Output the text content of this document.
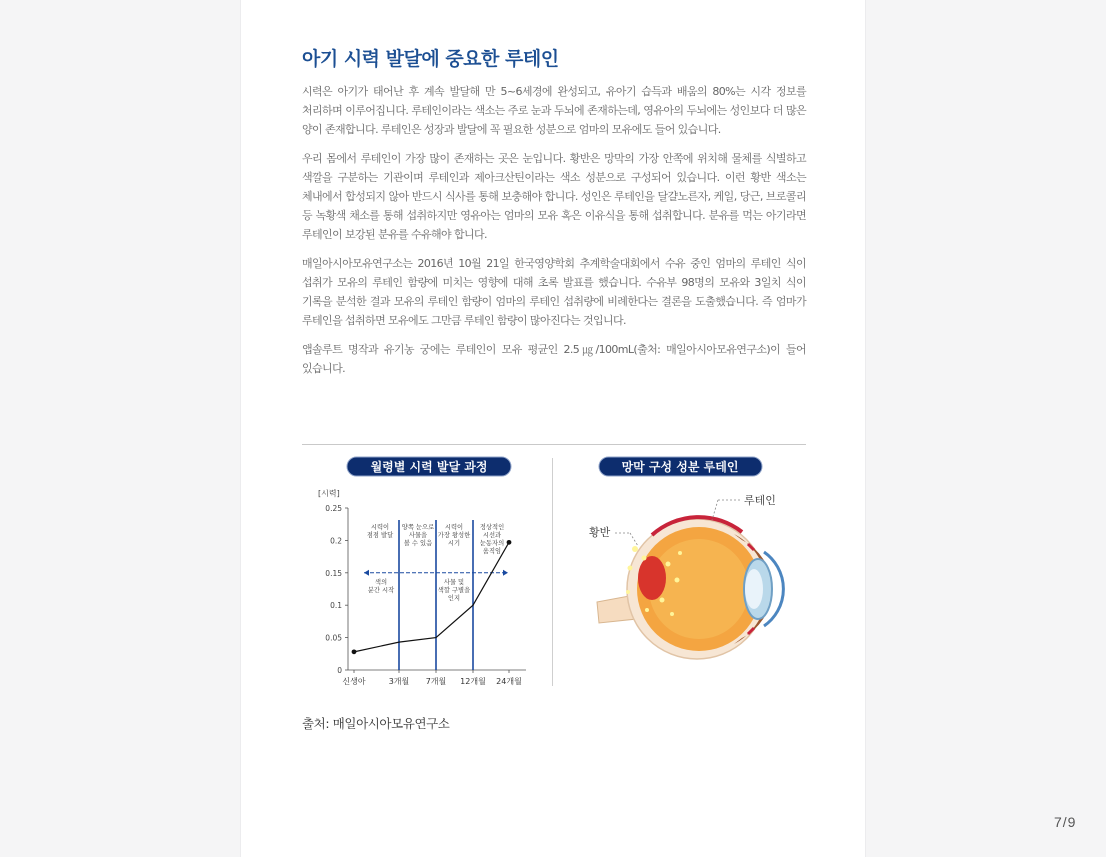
아기 시력 발달에 중요한 루테인

시력은 아기가 태어난 후 계속 발달해 만 5~6세경에 완성되고, 유아기 습득과 배움의 80%는 시각 정보를 처리하며 이루어집니다. 루테인이라는 색소는 주로 눈과 두뇌에 존재하는데, 영유아의 두뇌에는 성인보다 더 많은 양이 존재합니다. 루테인은 성장과 발달에 꼭 필요한 성분으로 엄마의 모유에도 들어 있습니다.

우리 몸에서 루테인이 가장 많이 존재하는 곳은 눈입니다. 황반은 망막의 가장 안쪽에 위치해 물체를 식별하고 색깔을 구분하는 기관이며 루테인과 제아크산틴이라는 색소 성분으로 구성되어 있습니다. 이런 황반 색소는 체내에서 합성되지 않아 반드시 식사를 통해 보충해야 합니다. 성인은 루테인을 달걀노른자, 케일, 당근, 브로콜리 등 녹황색 채소를 통해 섭취하지만 영유아는 엄마의 모유 혹은 이유식을 통해 섭취합니다. 분유를 먹는 아기라면 루테인이 보강된 분유를 수유해야 합니다.

매일아시아모유연구소는 2016년 10월 21일 한국영양학회 추계학술대회에서 수유 중인 엄마의 루테인 식이 섭취가 모유의 루테인 함량에 미치는 영향에 대해 초록 발표를 했습니다. 수유부 98명의 모유와 3일치 식이 기록을 분석한 결과 모유의 루테인 함량이 엄마의 루테인 섭취량에 비례한다는 결론을 도출했습니다. 즉 엄마가 루테인을 섭취하면 모유에도 그만큼 루테인 함량이 많아진다는 것입니다.

앱솔루트 명작과 유기농 궁에는 루테인이 모유 평균인 2.5㎍/100mL(출처: 매일아시아모유연구소)이 들어 있습니다.

월령별 시력 발달 과정	망막 구성 성분 루테인
[시력]
0
0.05
0.1
0.15
0.2
0.25
신생아	3개월 7개월 12개월 24개월
시력이
점점 발달
양쪽 눈으로
사물을
볼 수 있음
시력이
가장 왕성한
시기
정상적인
시선과
눈동자의
움직임
색의
분간 시작
사물 및
색깔 구별을
인지
황반
루테인
출처: 매일아시아모유연구소
7/9
